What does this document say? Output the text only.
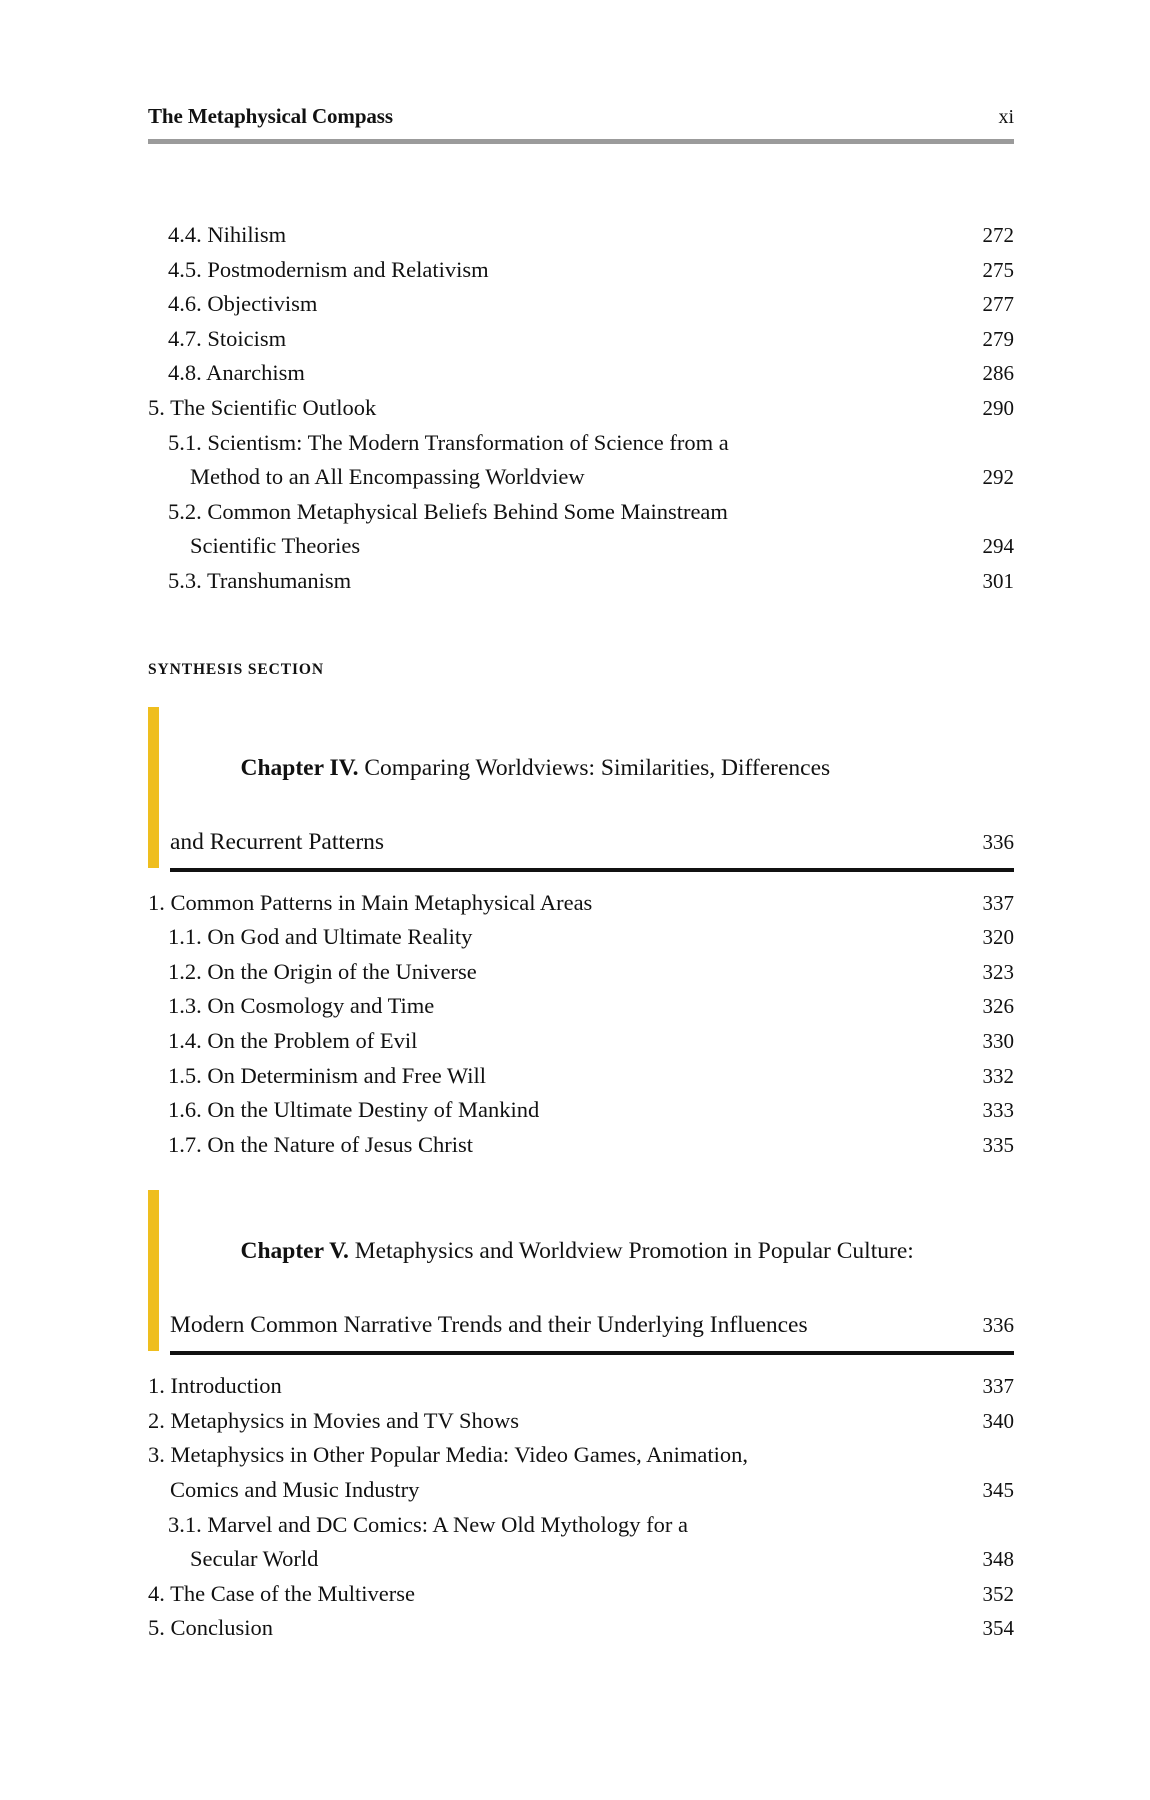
The Metaphysical Compass	xi
4.4. Nihilism	272
4.5. Postmodernism and Relativism	275
4.6. Objectivism	277
4.7. Stoicism	279
4.8. Anarchism	286
5. The Scientific Outlook	290
5.1. Scientism: The Modern Transformation of Science from a
Method to an All Encompassing Worldview	292
5.2. Common Metaphysical Beliefs Behind Some Mainstream
Scientific Theories	294
5.3. Transhumanism	301
SYNTHESIS SECTION

Chapter IV. Comparing Worldviews: Similarities, Differences

and Recurrent Patterns	336
1. Common Patterns in Main Metaphysical Areas	337
1.1. On God and Ultimate Reality	320
1.2. On the Origin of the Universe	323
1.3. On Cosmology and Time	326
1.4. On the Problem of Evil	330
1.5. On Determinism and Free Will	332
1.6. On the Ultimate Destiny of Mankind	333
1.7. On the Nature of Jesus Christ	335

Chapter V. Metaphysics and Worldview Promotion in Popular Culture:

Modern Common Narrative Trends and their Underlying Influences	336
1. Introduction	337
2. Metaphysics in Movies and TV Shows	340
3. Metaphysics in Other Popular Media: Video Games, Animation,
Comics and Music Industry	345
3.1. Marvel and DC Comics: A New Old Mythology for a
Secular World	348
4. The Case of the Multiverse	352
5. Conclusion	354
